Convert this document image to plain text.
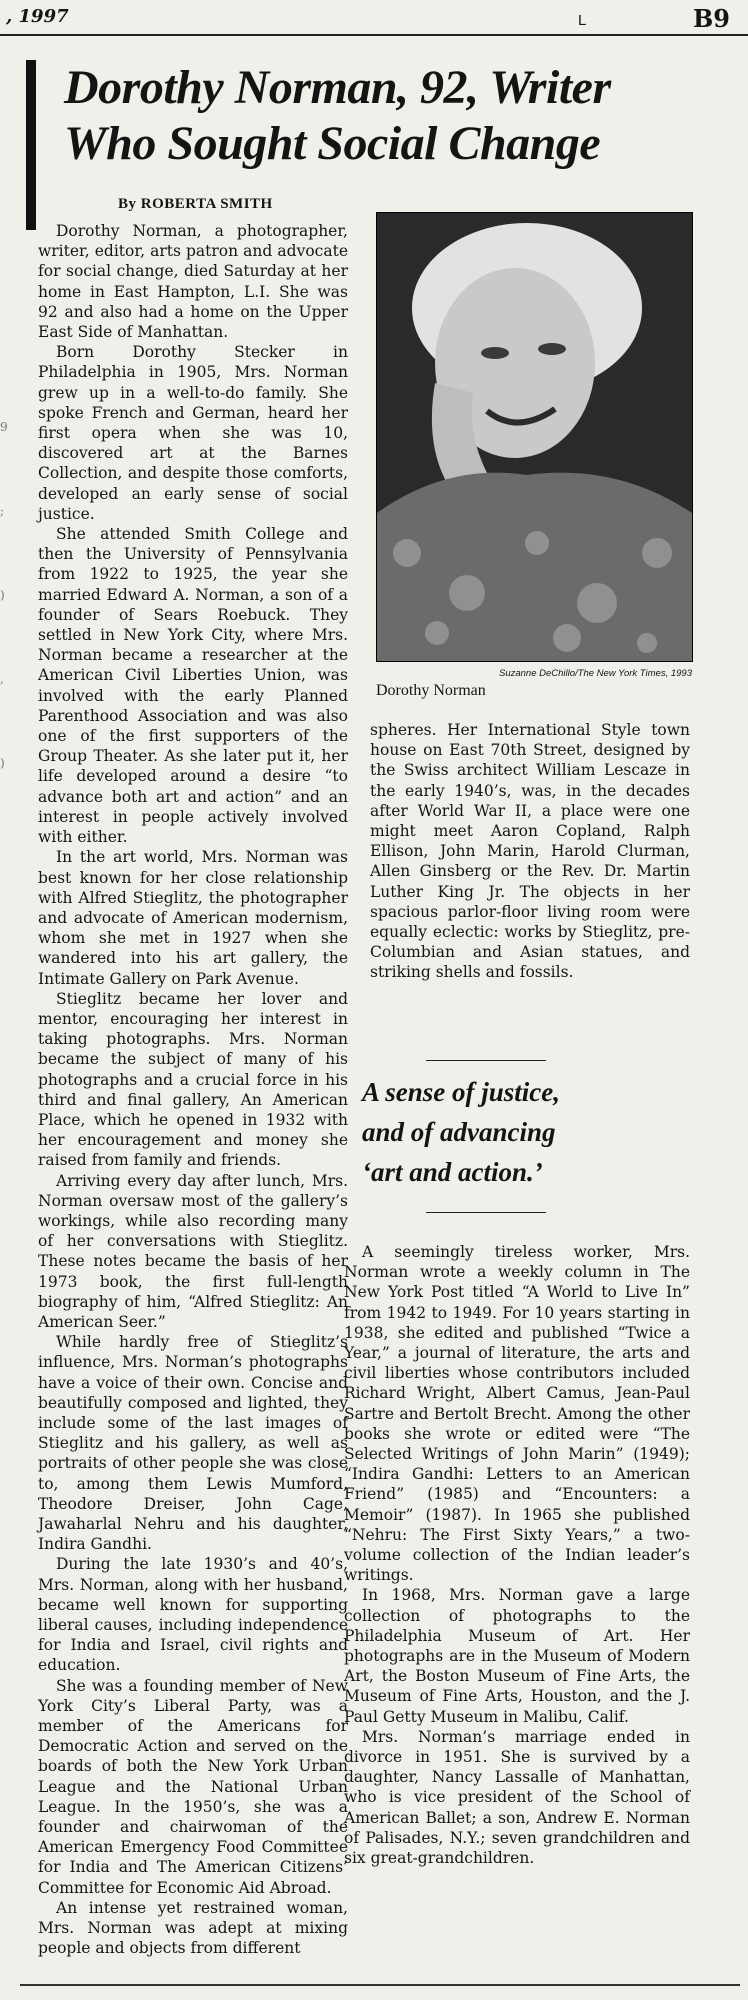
, 1997	L	B9
9
;
)
,
)
Dorothy Norman, 92, Writer
Who Sought Social Change

By ROBERTA SMITH

Dorothy Norman, a photographer, writer, editor, arts patron and advocate for social change, died Saturday at her home in East Hampton, L.I. She was 92 and also had a home on the Upper East Side of Manhattan.

Born Dorothy Stecker in Philadelphia in 1905, Mrs. Norman grew up in a well-to-do family. She spoke French and German, heard her first opera when she was 10, discovered art at the Barnes Collection, and despite those comforts, developed an early sense of social justice.

She attended Smith College and then the University of Pennsylvania from 1922 to 1925, the year she married Edward A. Norman, a son of a founder of Sears Roebuck. They settled in New York City, where Mrs. Norman became a researcher at the American Civil Liberties Union, was involved with the early Planned Parenthood Association and was also one of the first supporters of the Group Theater. As she later put it, her life developed around a desire “to advance both art and action” and an interest in people actively involved with either.

In the art world, Mrs. Norman was best known for her close relationship with Alfred Stieglitz, the photographer and advocate of American modernism, whom she met in 1927 when she wandered into his art gallery, the Intimate Gallery on Park Avenue.

Stieglitz became her lover and mentor, encouraging her interest in taking photographs. Mrs. Norman became the subject of many of his photographs and a crucial force in his third and final gallery, An American Place, which he opened in 1932 with her encouragement and money she raised from family and friends.

Arriving every day after lunch, Mrs. Norman oversaw most of the gallery’s workings, while also recording many of her conversations with Stieglitz. These notes became the basis of her 1973 book, the first full-length biography of him, “Alfred Stieglitz: An American Seer.”

While hardly free of Stieglitz’s influence, Mrs. Norman’s photographs have a voice of their own. Concise and beautifully composed and lighted, they include some of the last images of Stieglitz and his gallery, as well as portraits of other people she was close to, among them Lewis Mumford, Theodore Dreiser, John Cage, Jawaharlal Nehru and his daughter, Indira Gandhi.

During the late 1930’s and 40’s, Mrs. Norman, along with her husband, became well known for supporting liberal causes, including independence for India and Israel, civil rights and education.

She was a founding member of New York City’s Liberal Party, was a member of the Americans for Democratic Action and served on the boards of both the New York Urban League and the National Urban League. In the 1950’s, she was a founder and chairwoman of the American Emergency Food Committee for India and The American Citizens’ Committee for Economic Aid Abroad.

An intense yet restrained woman, Mrs. Norman was adept at mixing people and objects from different

Suzanne DeChillo/The New York Times, 1993
Dorothy Norman

spheres. Her International Style town house on East 70th Street, designed by the Swiss architect William Lescaze in the early 1940’s, was, in the decades after World War II, a place were one might meet Aaron Copland, Ralph Ellison, John Marin, Harold Clurman, Allen Ginsberg or the Rev. Dr. Martin Luther King Jr. The objects in her spacious parlor-floor living room were equally eclectic: works by Stieglitz, pre-Columbian and Asian statues, and striking shells and fossils.

A sense of justice,
and of advancing
‘art and action.’

A seemingly tireless worker, Mrs. Norman wrote a weekly column in The New York Post titled “A World to Live In” from 1942 to 1949. For 10 years starting in 1938, she edited and published “Twice a Year,” a journal of literature, the arts and civil liberties whose contributors included Richard Wright, Albert Camus, Jean-Paul Sartre and Bertolt Brecht. Among the other books she wrote or edited were “The Selected Writings of John Marin” (1949); “Indira Gandhi: Letters to an American Friend” (1985) and “Encounters: a Memoir” (1987). In 1965 she published “Nehru: The First Sixty Years,” a two-volume collection of the Indian leader’s writings.

In 1968, Mrs. Norman gave a large collection of photographs to the Philadelphia Museum of Art. Her photographs are in the Museum of Modern Art, the Boston Museum of Fine Arts, the Museum of Fine Arts, Houston, and the J. Paul Getty Museum in Malibu, Calif.

Mrs. Norman’s marriage ended in divorce in 1951. She is survived by a daughter, Nancy Lassalle of Manhattan, who is vice president of the School of American Ballet; a son, Andrew E. Norman of Palisades, N.Y.; seven grandchildren and six great-grandchildren.
